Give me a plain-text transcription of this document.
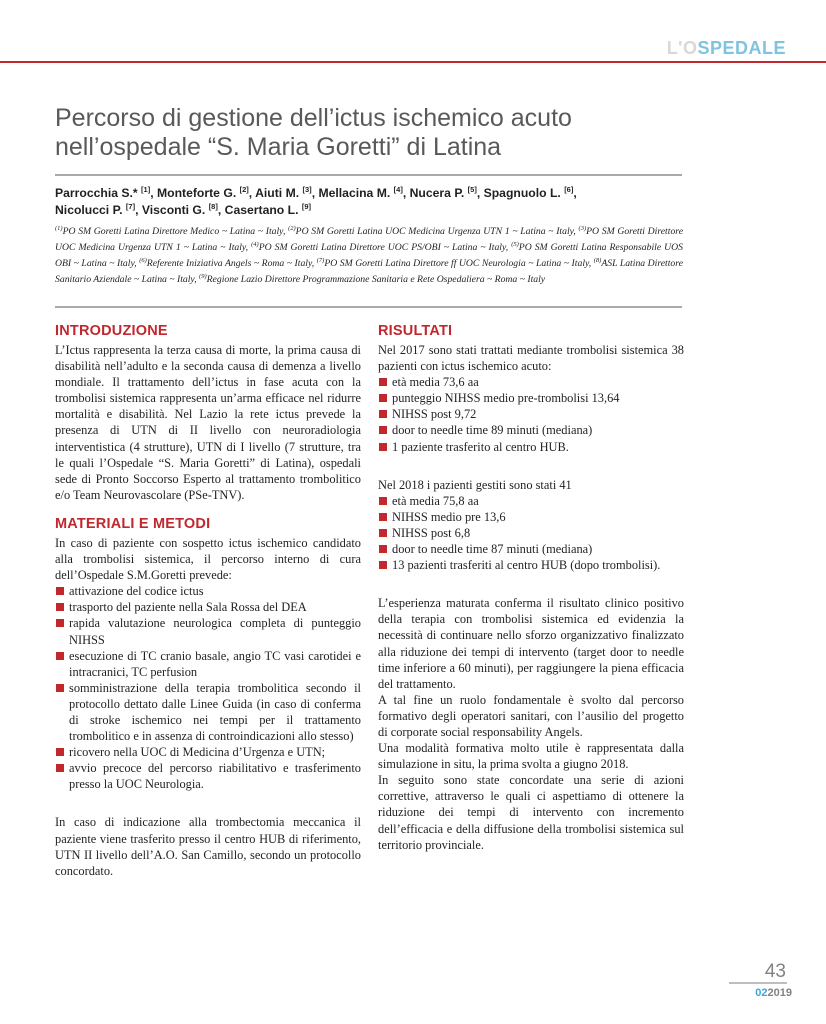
L'OSPEDALE
Percorso di gestione dell’ictus ischemico acuto
nell’ospedale “S. Maria Goretti” di Latina
Parrocchia S.* [1], Monteforte G. [2], Aiuti M. [3], Mellacina M. [4], Nucera P. [5], Spagnuolo L. [6],
Nicolucci P. [7], Visconti G. [8], Casertano L. [9]
$^{(1)}$PO SM Goretti Latina Direttore Medico ~ Latina ~ Italy, $^{(2)}$PO SM Goretti Latina UOC Medicina Urgenza UTN 1 ~ Latina ~ Italy, $^{(3)}$PO SM Goretti Direttore UOC Medicina Urgenza UTN 1 ~ Latina ~ Italy, $^{(4)}$PO SM Goretti Latina Direttore UOC PS/OBI ~ Latina ~ Italy, $^{(5)}$PO SM Goretti Latina Responsabile UOS OBI ~ Latina ~ Italy, $^{(6)}$Referente Iniziativa Angels ~ Roma ~ Italy, $^{(7)}$PO SM Goretti Latina Direttore ff UOC Neurologia ~ Latina ~ Italy, $^{(8)}$ASL Latina Direttore Sanitario Aziendale ~ Latina ~ Italy, $^{(9)}$Regione Lazio Direttore Programmazione Sanitaria e Rete Ospedaliera ~ Roma ~ Italy
INTRODUZIONE

L’Ictus rappresenta la terza causa di morte, la prima causa di disabilità nell’adulto e la seconda causa di demenza a livello mondiale. Il trattamento dell’ictus in fase acuta con la trombolisi sistemica rappresenta un’arma efficace nel ridurre mortalità e disabilità. Nel Lazio la rete ictus prevede la presenza di UTN di II livello con neuroradiologia interventistica (4 strutture), UTN di I livello (7 strutture, tra le quali l’Ospedale “S. Maria Goretti” di Latina), ospedali sede di Pronto Soccorso Esperto al trattamento trombolitico e/o Team Neurovascolare (PSe-TNV).

MATERIALI E METODI

In caso di paziente con sospetto ictus ischemico candidato alla trombolisi sistemica, il percorso interno di cura dell’Ospedale S.M.Goretti prevede:

attivazione del codice ictus
trasporto del paziente nella Sala Rossa del DEA
rapida valutazione neurologica completa di punteggio NIHSS
esecuzione di TC cranio basale, angio TC vasi carotidei e intracranici, TC perfusion
somministrazione della terapia trombolitica secondo il protocollo dettato dalle Linee Guida (in caso di conferma di stroke ischemico nei tempi per il trattamento trombolitico e in assenza di controindicazioni allo stesso)
ricovero nella UOC di Medicina d’Urgenza e UTN;
avvio precoce del percorso riabilitativo e trasferimento presso la UOC Neurologia.

In caso di indicazione alla trombectomia meccanica il paziente viene trasferito presso il centro HUB di riferimento, UTN II livello dell’A.O. San Camillo, secondo un protocollo concordato.

RISULTATI

Nel 2017 sono stati trattati mediante trombolisi sistemica 38 pazienti con ictus ischemico acuto:

età media 73,6 aa
punteggio NIHSS medio pre-trombolisi 13,64
NIHSS post 9,72
door to needle time 89 minuti (mediana)
1 paziente trasferito al centro HUB.

Nel 2018 i pazienti gestiti sono stati 41

età media 75,8 aa
NIHSS medio pre 13,6
NIHSS post 6,8
door to needle time 87 minuti (mediana)
13 pazienti trasferiti al centro HUB (dopo trombolisi).

L’esperienza maturata conferma il risultato clinico positivo della terapia con trombolisi sistemica ed evidenzia la necessità di continuare nello sforzo organizzativo finalizzato alla riduzione dei tempi di intervento (target door to needle time inferiore a 60 minuti), per raggiungere la piena efficacia del trattamento.

A tal fine un ruolo fondamentale è svolto dal percorso formativo degli operatori sanitari, con l’ausilio del progetto di corporate social responsability Angels.

Una modalità formativa molto utile è rappresentata dalla simulazione in situ, la prima svolta a giugno 2018.

In seguito sono state concordate una serie di azioni correttive, attraverso le quali ci aspettiamo di ottenere la riduzione dei tempi di intervento con incremento dell’efficacia e della diffusione della trombolisi sistemica sul territorio provinciale.

43
022019
